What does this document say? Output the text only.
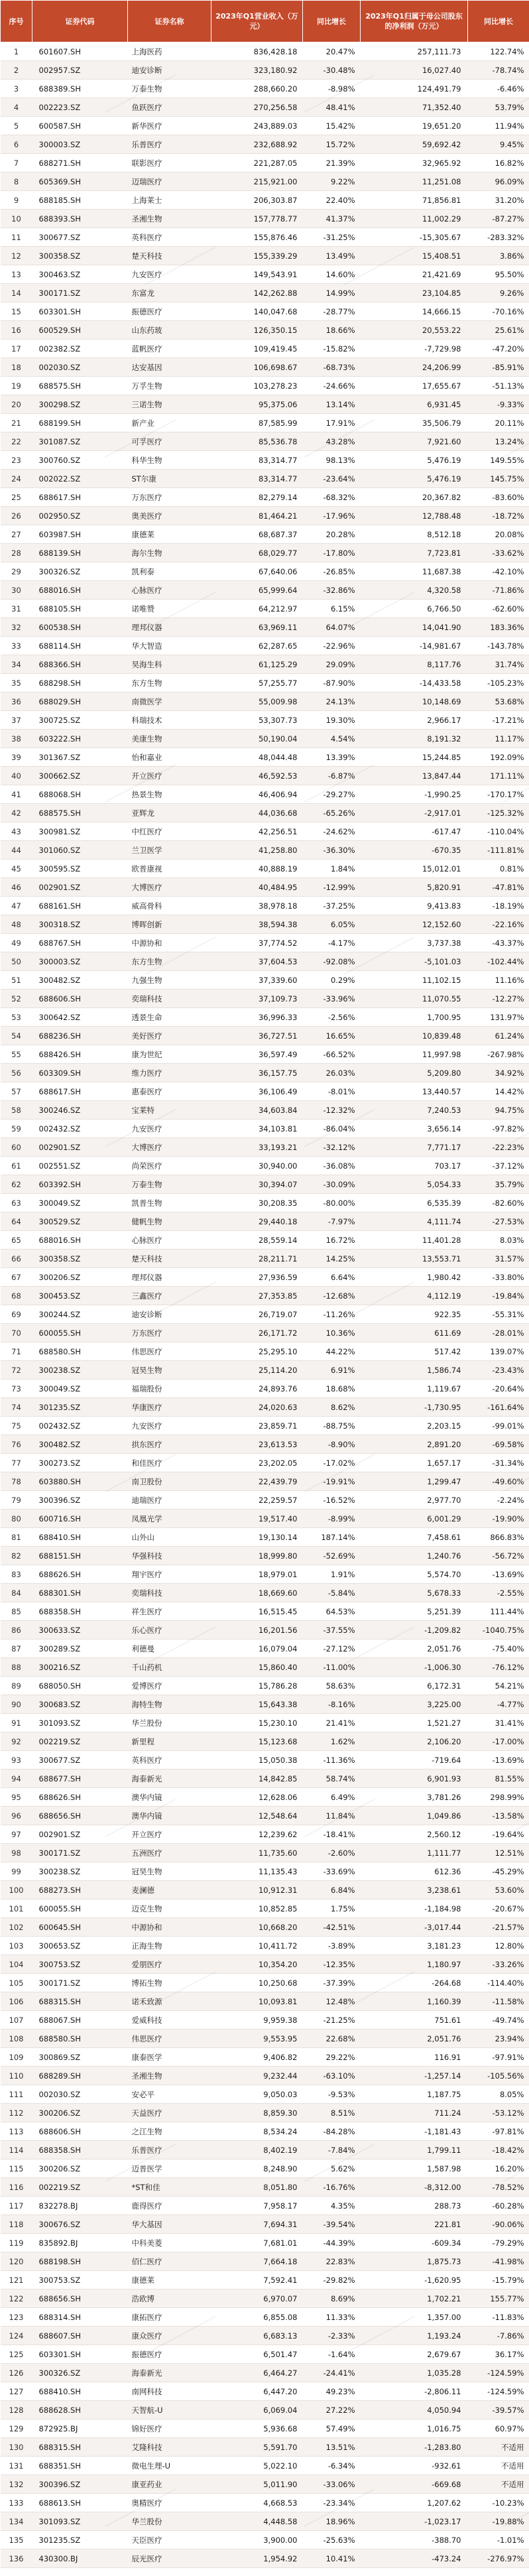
序号	证券代码	证券名称	2023年Q1营业收入（万元）	同比增长	2023年Q1归属于母公司股东的净利润（万元）	同比增长
1	601607.SH	上海医药	836,428.18	20.47%	257,111.73	122.74%
2	002957.SZ	迪安诊断	323,180.92	-30.48%	16,027.40	-78.74%
3	688389.SH	万泰生物	288,660.20	-8.98%	124,491.79	-6.46%
4	002223.SZ	鱼跃医疗	270,256.58	48.41%	71,352.40	53.79%
5	600587.SH	新华医疗	243,889.03	15.42%	19,651.20	11.94%
6	300003.SZ	乐普医疗	232,688.92	15.72%	59,692.42	9.45%
7	688271.SH	联影医疗	221,287.05	21.39%	32,965.92	16.82%
8	605369.SH	迈瑞医疗	215,921.00	9.22%	11,251.08	96.09%
9	688185.SH	上海莱士	206,303.87	22.40%	71,856.81	31.20%
10	688393.SH	圣湘生物	157,778.77	41.37%	11,002.29	-87.27%
11	300677.SZ	英科医疗	155,876.46	-31.25%	-15,305.67	-283.32%
12	300358.SZ	楚天科技	155,339.29	13.49%	15,408.51	3.86%
13	300463.SZ	九安医疗	149,543.91	14.60%	21,421.69	95.50%
14	300171.SZ	东富龙	142,262.88	14.99%	23,104.85	9.26%
15	603301.SH	振德医疗	140,047.68	-28.77%	14,666.15	-70.16%
16	600529.SH	山东药玻	126,350.15	18.66%	20,553.22	25.61%
17	002382.SZ	蓝帆医疗	109,419.45	-15.82%	-7,729.98	-47.20%
18	002030.SZ	达安基因	106,698.67	-68.73%	24,206.99	-85.91%
19	688575.SH	万孚生物	103,278.23	-24.66%	17,655.67	-51.13%
20	300298.SZ	三诺生物	95,375.06	13.14%	6,931.45	-9.33%
21	688199.SH	新产业	87,585.99	17.91%	35,506.79	20.11%
22	301087.SZ	可孚医疗	85,536.78	43.28%	7,921.60	13.24%
23	300760.SZ	科华生物	83,314.77	98.13%	5,476.19	149.55%
24	002022.SZ	ST尔康	83,314.77	-23.64%	5,476.19	145.75%
25	688617.SH	万东医疗	82,279.14	-68.32%	20,367.82	-83.60%
26	002950.SZ	奥美医疗	81,464.21	-17.96%	12,788.48	-18.72%
27	603987.SH	康德莱	68,687.37	20.28%	8,512.18	20.08%
28	688139.SH	海尔生物	68,029.77	-17.80%	7,723.81	-33.62%
29	300326.SZ	凯利泰	67,640.06	-26.85%	11,687.38	-42.10%
30	688016.SH	心脉医疗	65,999.64	-32.86%	4,320.58	-71.86%
31	688105.SH	诺唯赞	64,212.97	6.15%	6,766.50	-62.60%
32	600538.SH	理邦仪器	63,969.11	64.07%	14,041.90	183.36%
33	688114.SH	华大智造	62,287.65	-22.96%	-14,981.67	-143.78%
34	688366.SH	昊海生科	61,125.29	29.09%	8,117.76	31.74%
35	688298.SH	东方生物	57,255.77	-87.90%	-14,433.58	-105.23%
36	688029.SH	南微医学	55,009.98	24.13%	10,148.69	53.68%
37	300725.SZ	科瑞技术	53,307.73	19.30%	2,966.17	-17.21%
38	603222.SH	美康生物	50,190.04	4.54%	8,191.32	11.17%
39	301367.SZ	怡和嘉业	48,044.48	13.39%	15,244.85	192.09%
40	300662.SZ	开立医疗	46,592.53	-6.87%	13,847.44	171.11%
41	688068.SH	热景生物	46,406.94	-29.27%	-1,990.25	-170.17%
42	688575.SH	亚辉龙	44,036.68	-65.26%	-2,917.01	-125.32%
43	300981.SZ	中红医疗	42,256.51	-24.62%	-617.47	-110.04%
44	301060.SZ	兰卫医学	41,258.80	-36.30%	-670.35	-111.81%
45	300595.SZ	欧普康视	40,888.19	1.84%	15,012.01	0.81%
46	002901.SZ	大博医疗	40,484.95	-12.99%	5,820.91	-47.81%
47	688161.SH	威高骨科	38,978.18	-37.25%	9,413.83	-18.19%
48	300318.SZ	博晖创新	38,594.38	6.05%	12,152.60	-22.16%
49	688767.SH	中源协和	37,774.52	-4.17%	3,737.38	-43.37%
50	300003.SZ	东方生物	37,604.53	-92.08%	-5,101.03	-102.44%
51	300482.SZ	九强生物	37,339.60	0.29%	11,102.15	11.16%
52	688606.SH	奕瑞科技	37,109.73	-33.96%	11,070.55	-12.27%
53	300642.SZ	透景生命	36,996.33	-2.56%	1,700.95	131.97%
54	688236.SH	美好医疗	36,727.51	16.65%	10,839.48	61.24%
55	688426.SH	康为世纪	36,597.49	-66.52%	11,997.98	-267.98%
56	603309.SH	维力医疗	36,157.75	26.03%	5,209.80	34.92%
57	688617.SH	惠泰医疗	36,106.49	-8.01%	13,440.57	14.42%
58	300246.SZ	宝莱特	34,603.84	-12.32%	7,240.53	94.75%
59	002432.SZ	九安医疗	34,103.81	-86.04%	3,656.14	-97.82%
60	002901.SZ	大博医疗	33,193.21	-32.12%	7,771.17	-22.23%
61	002551.SZ	尚荣医疗	30,940.00	-36.08%	703.17	-37.12%
62	603392.SH	万泰生物	30,394.07	-30.09%	5,054.33	35.79%
63	300049.SZ	凯普生物	30,208.35	-80.00%	6,535.39	-82.60%
64	300529.SZ	健帆生物	29,440.18	-7.97%	4,111.74	-27.53%
65	688016.SH	心脉医疗	28,559.14	16.72%	11,401.28	8.03%
66	300358.SZ	楚天科技	28,211.71	14.25%	13,553.71	31.57%
67	300206.SZ	理邦仪器	27,936.59	6.64%	1,980.42	-33.80%
68	300453.SZ	三鑫医疗	27,353.85	-12.68%	4,112.19	-19.84%
69	300244.SZ	迪安诊断	26,719.07	-11.26%	922.35	-55.31%
70	600055.SH	万东医疗	26,171.72	10.36%	611.69	-28.01%
71	688580.SH	伟思医疗	25,295.10	44.22%	517.42	139.07%
72	300238.SZ	冠昊生物	25,114.20	6.91%	1,586.74	-23.43%
73	300049.SZ	福瑞股份	24,893.76	18.68%	1,119.67	-20.64%
74	301235.SZ	华康医疗	24,020.63	8.62%	-1,730.95	-161.64%
75	002432.SZ	九安医疗	23,859.71	-88.75%	2,203.15	-99.01%
76	300482.SZ	拱东医疗	23,613.53	-8.90%	2,891.20	-69.58%
77	300273.SZ	和佳医疗	23,202.05	-17.02%	1,657.17	-31.34%
78	603880.SH	南卫股份	22,439.79	-19.91%	1,299.47	-49.60%
79	300396.SZ	迪瑞医疗	22,259.57	-16.52%	2,977.70	-2.24%
80	600716.SH	凤凰光学	19,517.40	-8.99%	6,001.29	-19.90%
81	688410.SH	山外山	19,130.14	187.14%	7,458.61	866.83%
82	688151.SH	华强科技	18,999.80	-52.69%	1,240.76	-56.72%
83	688626.SH	翔宇医疗	18,979.01	1.91%	5,574.70	-13.69%
84	688301.SH	奕瑞科技	18,669.60	-5.84%	5,678.33	-2.55%
85	688358.SH	祥生医疗	16,515.45	64.53%	5,251.39	111.44%
86	300633.SZ	乐心医疗	16,201.56	-37.55%	-1,209.82	-1040.75%
87	300289.SZ	利德曼	16,079.04	-27.12%	2,051.76	-75.40%
88	300216.SZ	千山药机	15,860.40	-11.00%	-1,006.30	-76.12%
89	688050.SH	爱博医疗	15,786.28	58.63%	6,172.31	54.21%
90	300683.SZ	海特生物	15,643.38	-8.16%	3,225.00	-4.77%
91	301093.SZ	华兰股份	15,230.10	21.41%	1,521.27	31.41%
92	002219.SZ	新里程	15,123.68	1.62%	2,106.20	-17.00%
93	300677.SZ	英科医疗	15,050.38	-11.36%	-719.64	-13.69%
94	688677.SH	海泰新光	14,842.85	58.74%	6,901.93	81.55%
95	688626.SH	澳华内镜	12,628.06	6.49%	3,781.26	298.99%
96	688656.SH	澳华内镜	12,548.64	11.84%	1,049.86	-13.58%
97	002901.SZ	开立医疗	12,239.62	-18.41%	2,560.12	-19.64%
98	300171.SZ	五洲医疗	11,735.60	-2.60%	1,111.77	12.51%
99	300238.SZ	冠昊生物	11,135.43	-33.69%	612.36	-45.29%
100	688273.SH	麦澜德	10,912.31	6.84%	3,238.61	53.60%
101	600055.SH	迈克生物	10,852.85	1.75%	-1,184.98	-20.67%
102	600645.SH	中源协和	10,668.20	-42.51%	-3,017.44	-21.57%
103	300653.SZ	正海生物	10,411.72	-3.89%	3,181.23	12.80%
104	300753.SZ	爱朋医疗	10,354.20	-12.35%	1,180.97	-33.26%
105	300171.SZ	博拓生物	10,250.68	-37.39%	-264.68	-114.40%
106	688315.SH	诺禾致源	10,093.81	12.48%	1,160.39	-11.58%
107	688067.SH	爱威科技	9,959.38	-21.25%	751.61	-49.74%
108	688580.SH	伟思医疗	9,553.95	22.68%	2,051.76	23.94%
109	300869.SZ	康泰医学	9,406.82	29.22%	116.91	-97.91%
110	688289.SH	圣湘生物	9,232.44	-63.10%	-1,257.14	-105.56%
111	002030.SZ	安必平	9,050.03	-9.53%	1,187.75	8.05%
112	300206.SZ	天益医疗	8,859.30	8.51%	711.24	-53.12%
113	688606.SH	之江生物	8,534.24	-84.28%	-1,181.43	-97.81%
114	688358.SH	乐普医疗	8,402.19	-7.84%	1,799.11	-18.42%
115	300206.SZ	迈普医学	8,248.90	5.62%	1,587.98	16.20%
116	002219.SZ	*ST和佳	8,051.80	-16.76%	-8,312.00	-78.52%
117	832278.BJ	鹿得医疗	7,958.17	4.35%	288.73	-60.28%
118	300676.SZ	华大基因	7,694.31	-39.54%	221.81	-90.06%
119	835892.BJ	中科美菱	7,681.01	-44.39%	-609.34	-79.29%
120	688198.SH	佰仁医疗	7,664.18	22.83%	1,875.73	-41.98%
121	300753.SZ	康德莱	7,592.41	-29.82%	-1,620.95	-15.79%
122	688656.SH	浩欧博	6,970.07	8.69%	1,702.21	155.77%
123	688314.SH	康拓医疗	6,855.08	11.33%	1,357.00	-11.83%
124	688607.SH	康众医疗	6,683.13	-2.33%	1,193.24	-7.86%
125	603301.SH	振德医疗	6,501.47	-1.64%	2,679.67	36.17%
126	300326.SZ	海泰新光	6,464.27	-24.41%	1,035.28	-124.59%
127	688410.SH	南网科技	6,447.20	49.23%	-2,806.11	-124.59%
128	688628.SH	天智航-U	6,069.04	27.22%	4,050.94	-39.57%
129	872925.BJ	锦好医疗	5,936.68	57.49%	1,016.75	60.97%
130	688315.SH	艾隆科技	5,591.70	13.51%	-1,283.80	不适用
131	688351.SH	微电生理-U	5,022.10	-6.34%	-932.61	不适用
132	300396.SZ	康亚药业	5,011.90	-33.06%	-669.68	不适用
133	688613.SH	奥精医疗	4,668.53	-23.34%	1,207.62	-10.23%
134	301093.SZ	华兰股份	4,448.58	18.96%	-1,023.17	-19.88%
135	301235.SZ	天臣医疗	3,900.00	-25.63%	-388.70	-1.01%
136	430300.BJ	辰光医疗	1,954.92	10.41%	-473.24	-276.97%
